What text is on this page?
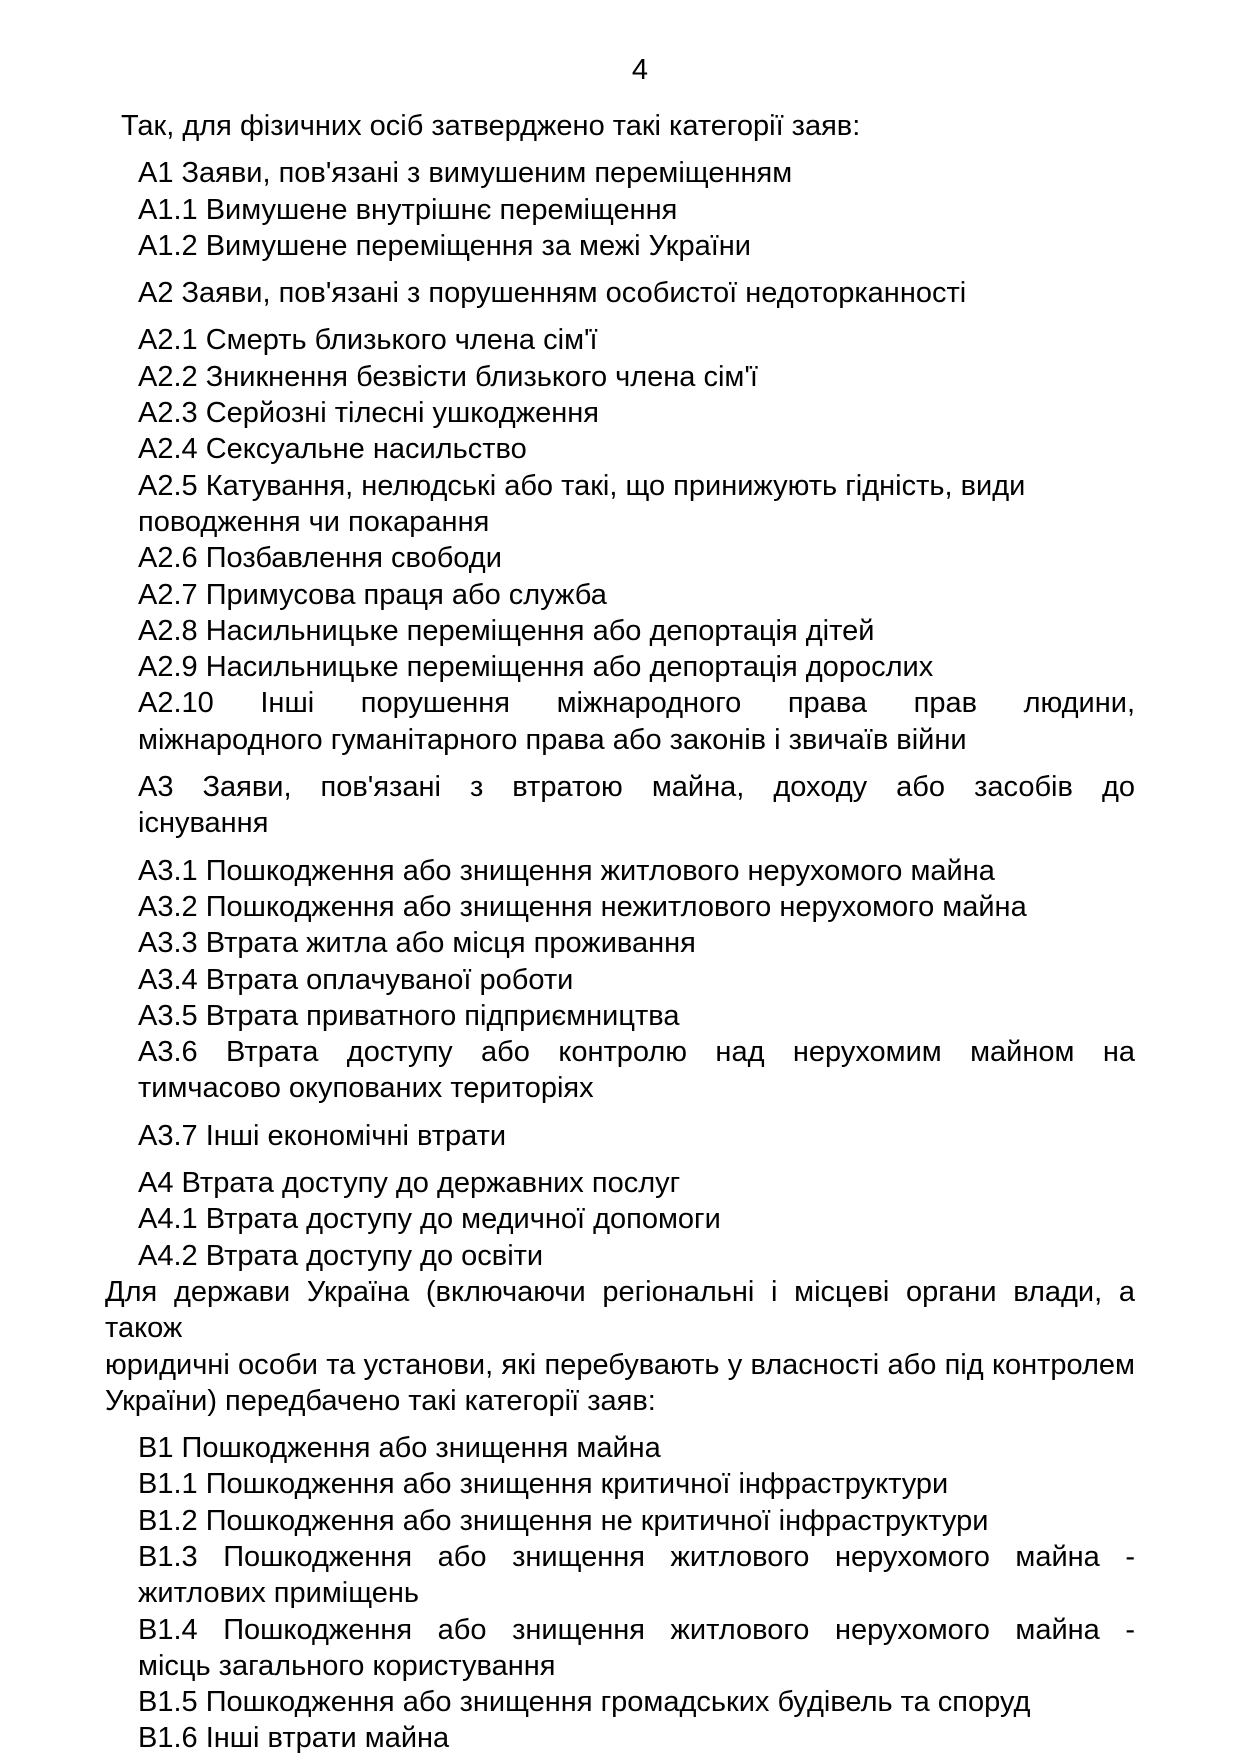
4
Так, для фізичних осіб затверджено такі категорії заяв:
A1 Заяви, пов'язані з вимушеним переміщенням
A1.1 Вимушене внутрішнє переміщення
A1.2 Вимушене переміщення за межі України
A2 Заяви, пов'язані з порушенням особистої недоторканності
A2.1 Смерть близького члена сім'ї
A2.2 Зникнення безвісти близького члена сім'ї
A2.3 Серйозні тілесні ушкодження
A2.4 Сексуальне насильство
A2.5 Катування, нелюдські або такі, що принижують гідність, види
поводження чи покарання
A2.6 Позбавлення свободи
A2.7 Примусова праця або служба
A2.8 Насильницьке переміщення або депортація дітей
A2.9 Насильницьке переміщення або депортація дорослих
A2.10 Інші порушення міжнародного права прав людини,
міжнародного гуманітарного права або законів і звичаїв війни
A3 Заяви, пов'язані з втратою майна, доходу або засобів до
існування
A3.1 Пошкодження або знищення житлового нерухомого майна
A3.2 Пошкодження або знищення нежитлового нерухомого майна
A3.3 Втрата житла або місця проживання
A3.4 Втрата оплачуваної роботи
A3.5 Втрата приватного підприємництва
A3.6 Втрата доступу або контролю над нерухомим майном на
тимчасово окупованих територіях
A3.7 Інші економічні втрати
A4 Втрата доступу до державних послуг
A4.1 Втрата доступу до медичної допомоги
A4.2 Втрата доступу до освіти
Для держави Україна (включаючи регіональні і місцеві органи влади, а також
юридичні особи та установи, які перебувають у власності або під контролем
України) передбачено такі категорії заяв:
B1 Пошкодження або знищення майна
B1.1 Пошкодження або знищення критичної інфраструктури
B1.2 Пошкодження або знищення не критичної інфраструктури
B1.3 Пошкодження або знищення житлового нерухомого майна -
житлових приміщень
B1.4 Пошкодження або знищення житлового нерухомого майна -
місць загального користування
B1.5 Пошкодження або знищення громадських будівель та споруд
B1.6 Інші втрати майна
